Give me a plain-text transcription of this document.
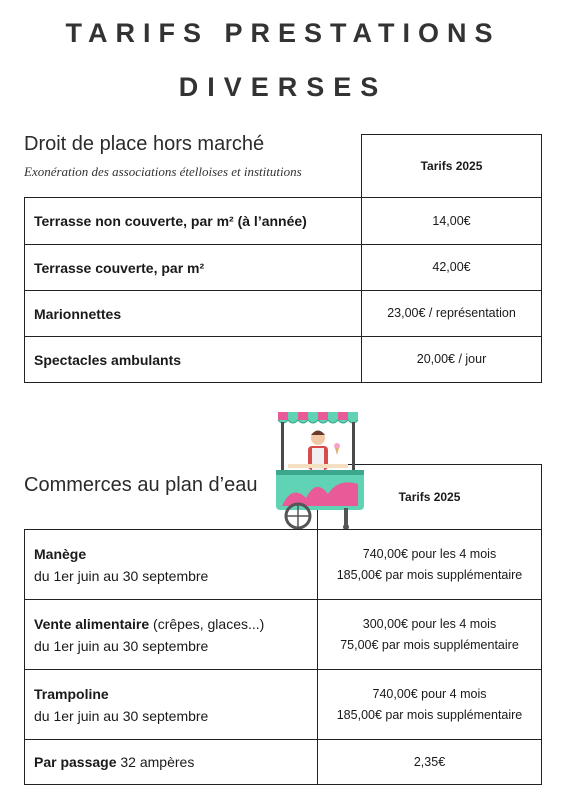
TARIFS PRESTATIONS
DIVERSES
Droit de place hors marché
Exonération des associations ételloises et institutions	Tarifs 2025
Terrasse non couverte, par m² (à l’année)	14,00€
Terrasse couverte, par m²	42,00€
Marionnettes	23,00€ / représentation
Spectacles ambulants	20,00€ / jour
Commerces au plan d’eau
Tarifs 2025
Manège
du 1er juin au 30 septembre	740,00€ pour les 4 mois
185,00€ par mois supplémentaire

Vente alimentaire (crêpes, glaces...)
du 1er juin au 30 septembre	300,00€ pour les 4 mois
75,00€ par mois supplémentaire

Trampoline
du 1er juin au 30 septembre	740,00€ pour 4 mois
185,00€ par mois supplémentaire

Par passage 32 ampères	2,35€
